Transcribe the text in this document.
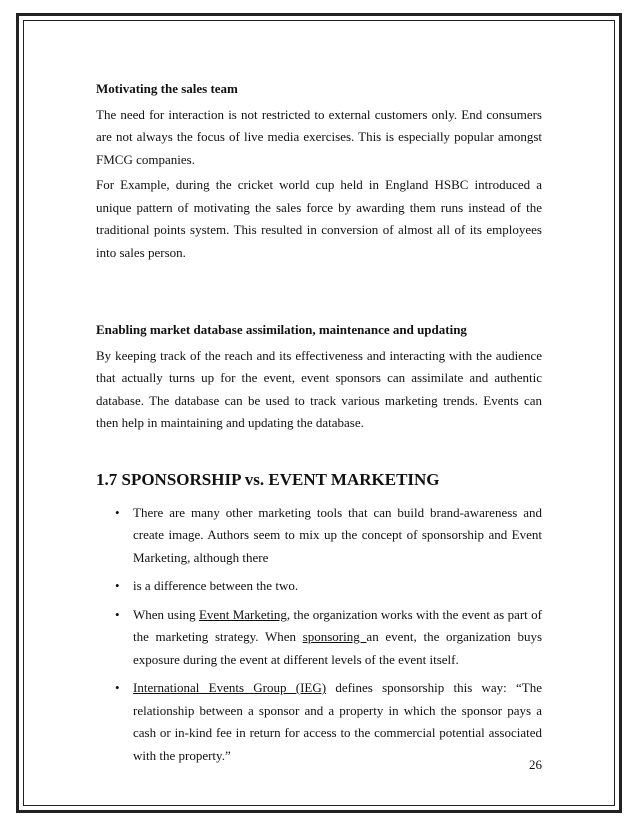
Motivating the sales team

The need for interaction is not restricted to external customers only. End consumers are not always the focus of live media exercises. This is especially popular amongst FMCG companies.

For Example, during the cricket world cup held in England HSBC introduced a unique pattern of motivating the sales force by awarding them runs instead of the traditional points system. This resulted in conversion of almost all of its employees into sales person.

Enabling market database assimilation, maintenance and updating

By keeping track of the reach and its effectiveness and interacting with the audience that actually turns up for the event, event sponsors can assimilate and authentic database. The database can be used to track various marketing trends. Events can then help in maintaining and updating the database.

1.7 SPONSORSHIP vs. EVENT MARKETING
• There are many other marketing tools that can build brand-awareness and create image. Authors seem to mix up the concept of sponsorship and Event Marketing, although there
• is a difference between the two.
• When using Event Marketing, the organization works with the event as part of the marketing strategy. When sponsoring an event, the organization buys exposure during the event at different levels of the event itself.
• International Events Group (IEG) defines sponsorship this way: “The relationship between a sponsor and a property in which the sponsor pays a cash or in-kind fee in return for access to the commercial potential associated with the property.”
26
